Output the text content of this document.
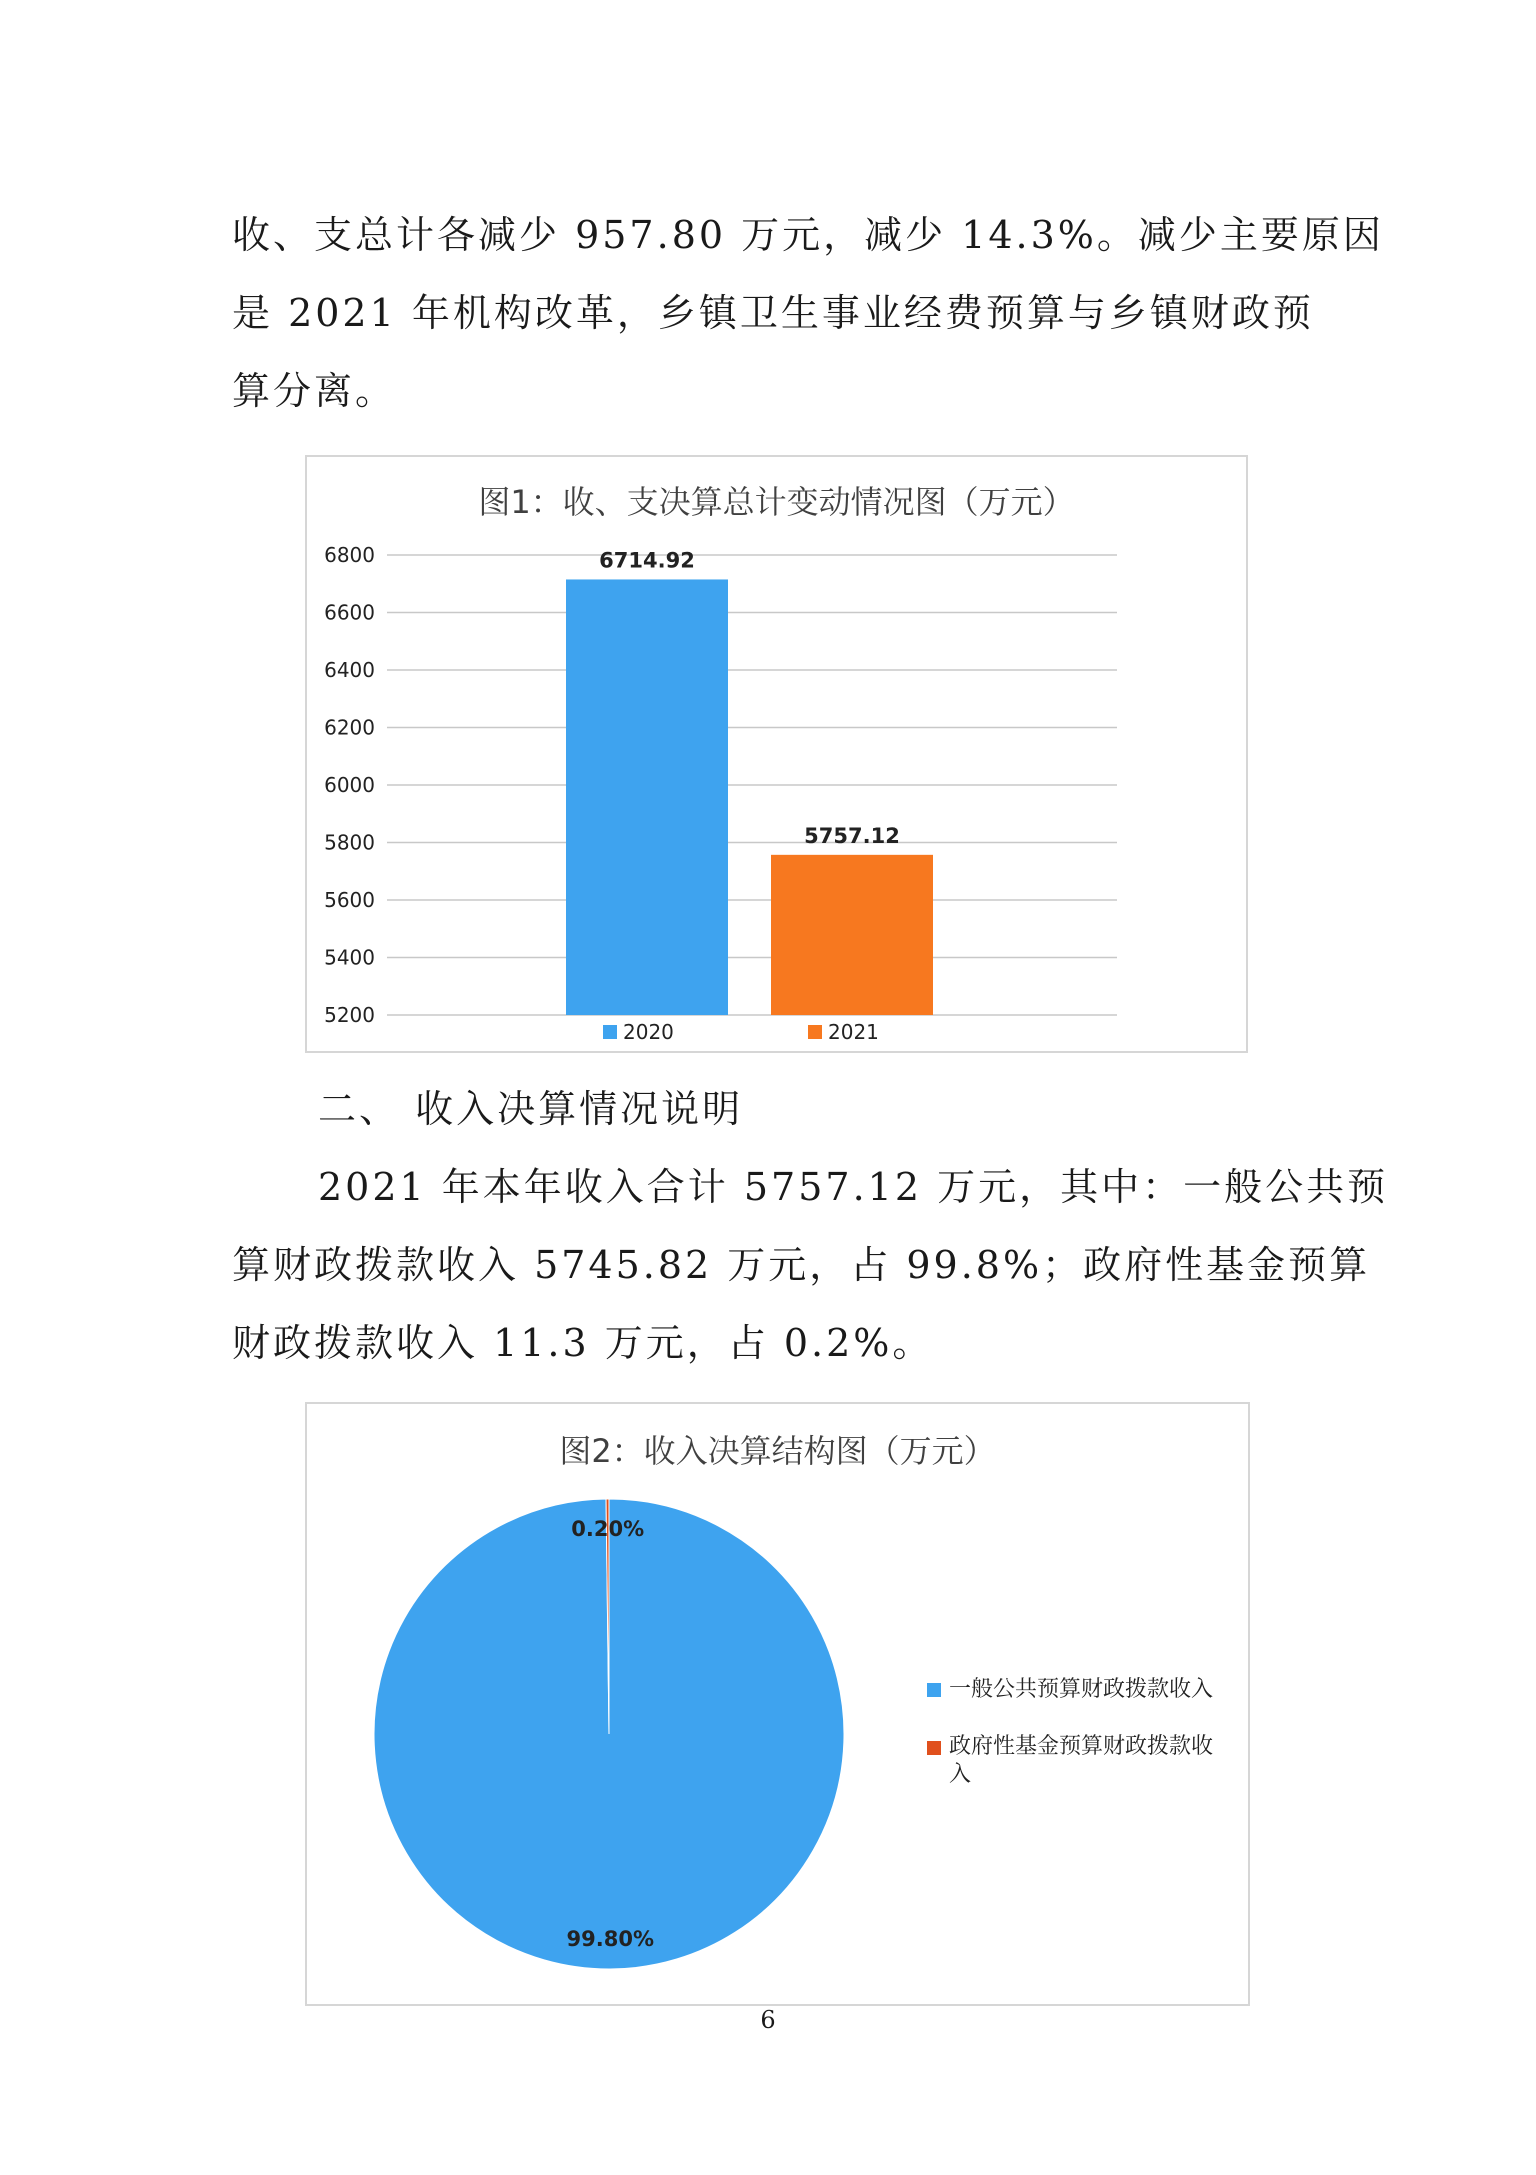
收、支总计各减少 957.80 万元，减少 14.3%。减少主要原因
是 2021 年机构改革，乡镇卫生事业经费预算与乡镇财政预
算分离。
图1：收、支决算总计变动情况图（万元）
5200
5400
5600
5800
6000
6200
6400
6600
6800	6714.92
2020
5757.12
2021
二、 收入决算情况说明
2021 年本年收入合计 5757.12 万元，其中：一般公共预
算财政拨款收入 5745.82 万元，占 99.8%；政府性基金预算
财政拨款收入 11.3 万元，占 0.2%。
图2：收入决算结构图（万元）
99.80%
0.20%
一般公共预算财政拨款收入
政府性基金预算财政拨款收入
6
